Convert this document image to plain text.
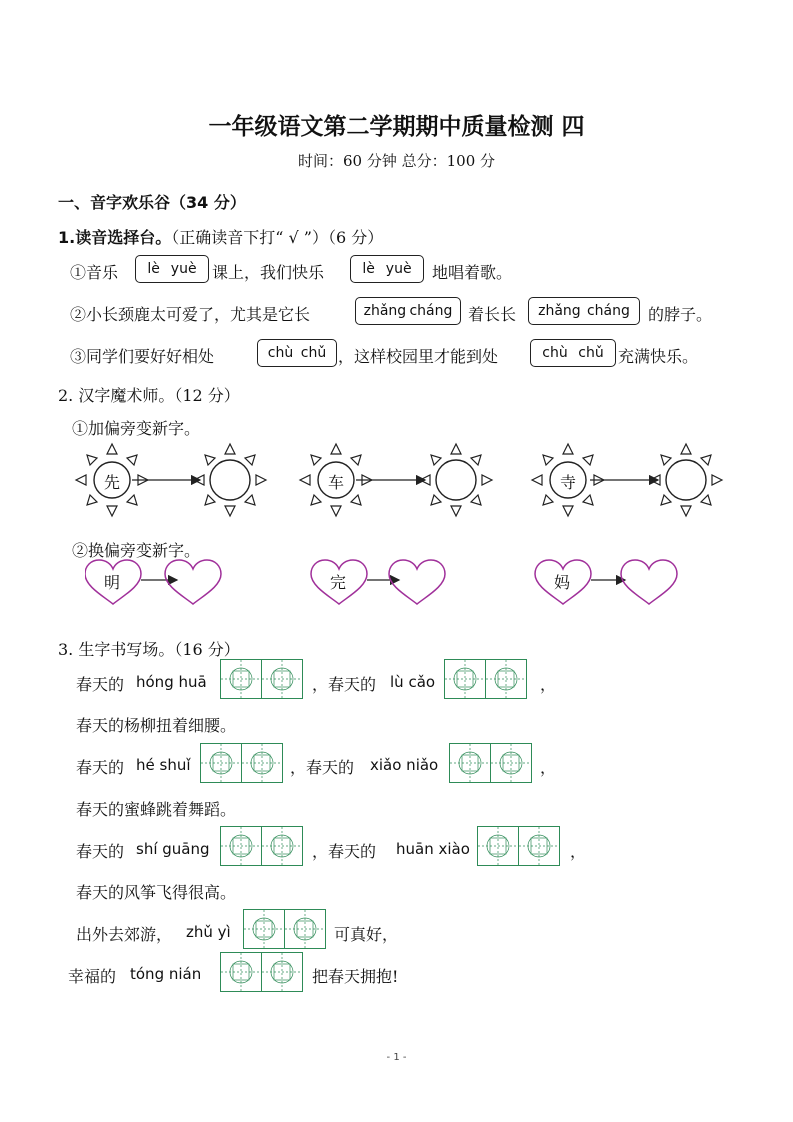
一年级语文第二学期期中质量检测 四
时间：60 分钟 总分：100 分
一、音字欢乐谷（34 分）
1.读音选择台。（正确读音下打“ √ ”）（6 分）
①音乐 lè yuè 课上，我们快乐	lè yuè 地唱着歌。
②小长颈鹿太可爱了，尤其是它长	zhǎng cháng 着长长 zhǎng cháng 的脖子。
③同学们要好好相处	chù chǔ ，这样校园里才能到处	chù chǔ 充满快乐。
2. 汉字魔术师。（12 分）
①加偏旁变新字。
先	车	寺
②换偏旁变新字。
明	完	妈
3. 生字书写场。（16 分）
春天的 hóng huā	，春天的 lù cǎo	，
春天的杨柳扭着细腰。
春天的 hé shuǐ	，春天的 xiǎo niǎo	，
春天的蜜蜂跳着舞蹈。
春天的 shí guāng	，春天的 huān xiào	，
春天的风筝飞得很高。
出外去郊游， zhǔ yì	可真好，
幸福的 tóng nián	把春天拥抱!
- 1 -
